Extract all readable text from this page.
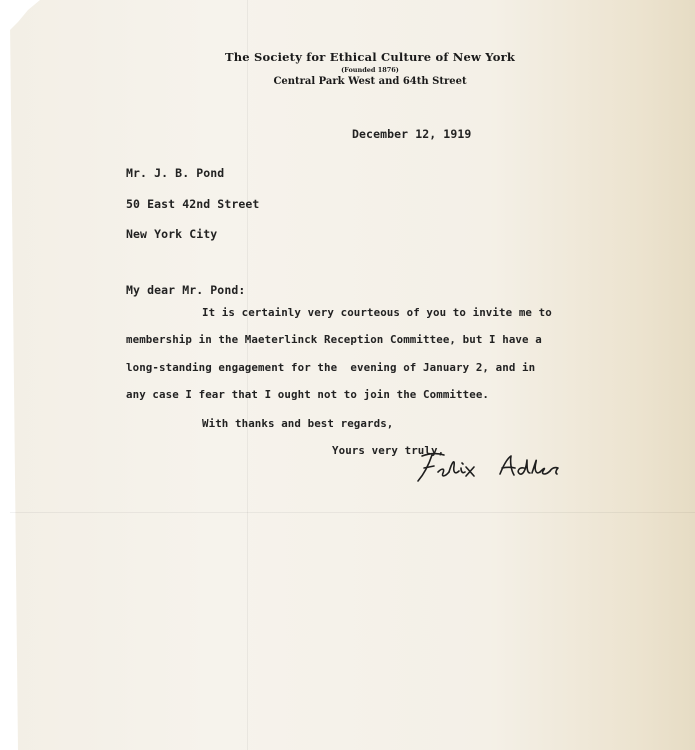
The Society for Ethical Culture of New York
(Founded 1876)
Central Park West and 64th Street
December 12, 1919
Mr. J. B. Pond
50 East 42nd Street
New York City
My dear Mr. Pond:
It is certainly very courteous of you to invite me to
membership in the Maeterlinck Reception Committee, but I have a
long-standing engagement for the  evening of January 2, and in
any case I fear that I ought not to join the Committee.
With thanks and best regards,
Yours very truly,
